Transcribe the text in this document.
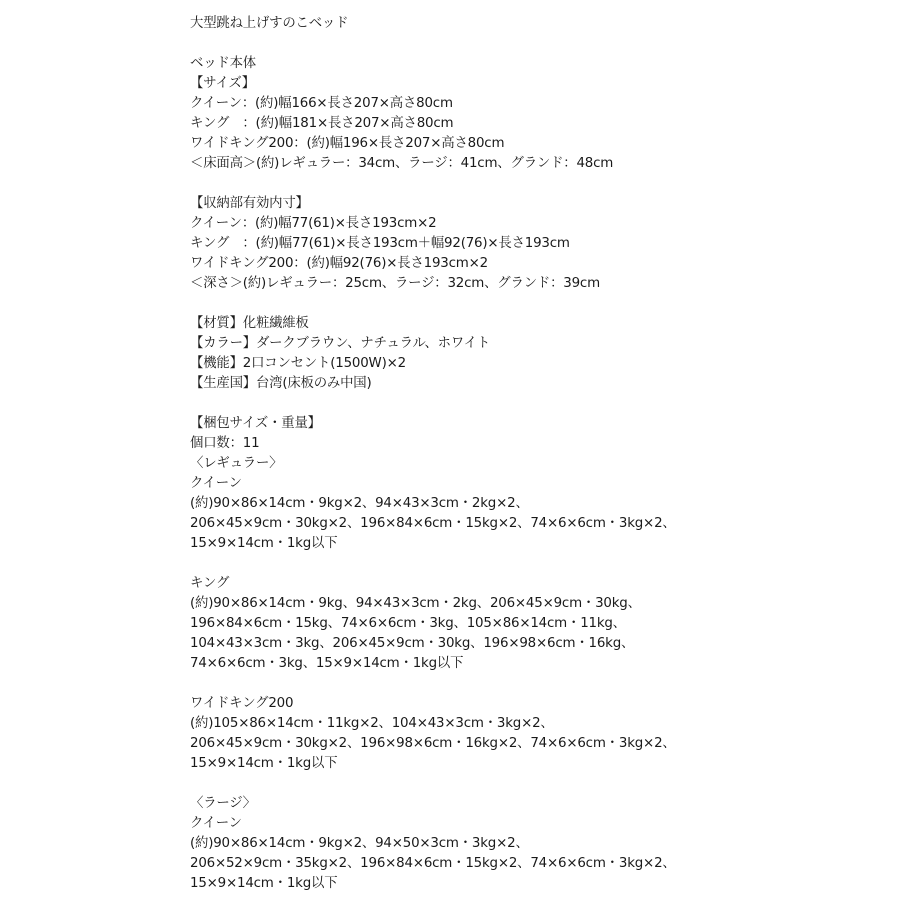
大型跳ね上げすのこベッド
ベッド本体
【サイズ】
クイーン：(約)幅166×長さ207×高さ80cm
キング　：(約)幅181×長さ207×高さ80cm
ワイドキング200：(約)幅196×長さ207×高さ80cm
＜床面高＞(約)レギュラー：34cm、ラージ：41cm、グランド：48cm
【収納部有効内寸】
クイーン：(約)幅77(61)×長さ193cm×2
キング　：(約)幅77(61)×長さ193cm＋幅92(76)×長さ193cm
ワイドキング200：(約)幅92(76)×長さ193cm×2
＜深さ＞(約)レギュラー：25cm、ラージ：32cm、グランド：39cm
【材質】化粧繊維板
【カラー】ダークブラウン、ナチュラル、ホワイト
【機能】2口コンセント(1500W)×2
【生産国】台湾(床板のみ中国)
【梱包サイズ・重量】
個口数：11
〈レギュラー〉
クイーン
(約)90×86×14cm・9kg×2、94×43×3cm・2kg×2、
206×45×9cm・30kg×2、196×84×6cm・15kg×2、74×6×6cm・3kg×2、
15×9×14cm・1kg以下
キング
(約)90×86×14cm・9kg、94×43×3cm・2kg、206×45×9cm・30kg、
196×84×6cm・15kg、74×6×6cm・3kg、105×86×14cm・11kg、
104×43×3cm・3kg、206×45×9cm・30kg、196×98×6cm・16kg、
74×6×6cm・3kg、15×9×14cm・1kg以下
ワイドキング200
(約)105×86×14cm・11kg×2、104×43×3cm・3kg×2、
206×45×9cm・30kg×2、196×98×6cm・16kg×2、74×6×6cm・3kg×2、
15×9×14cm・1kg以下
〈ラージ〉
クイーン
(約)90×86×14cm・9kg×2、94×50×3cm・3kg×2、
206×52×9cm・35kg×2、196×84×6cm・15kg×2、74×6×6cm・3kg×2、
15×9×14cm・1kg以下
